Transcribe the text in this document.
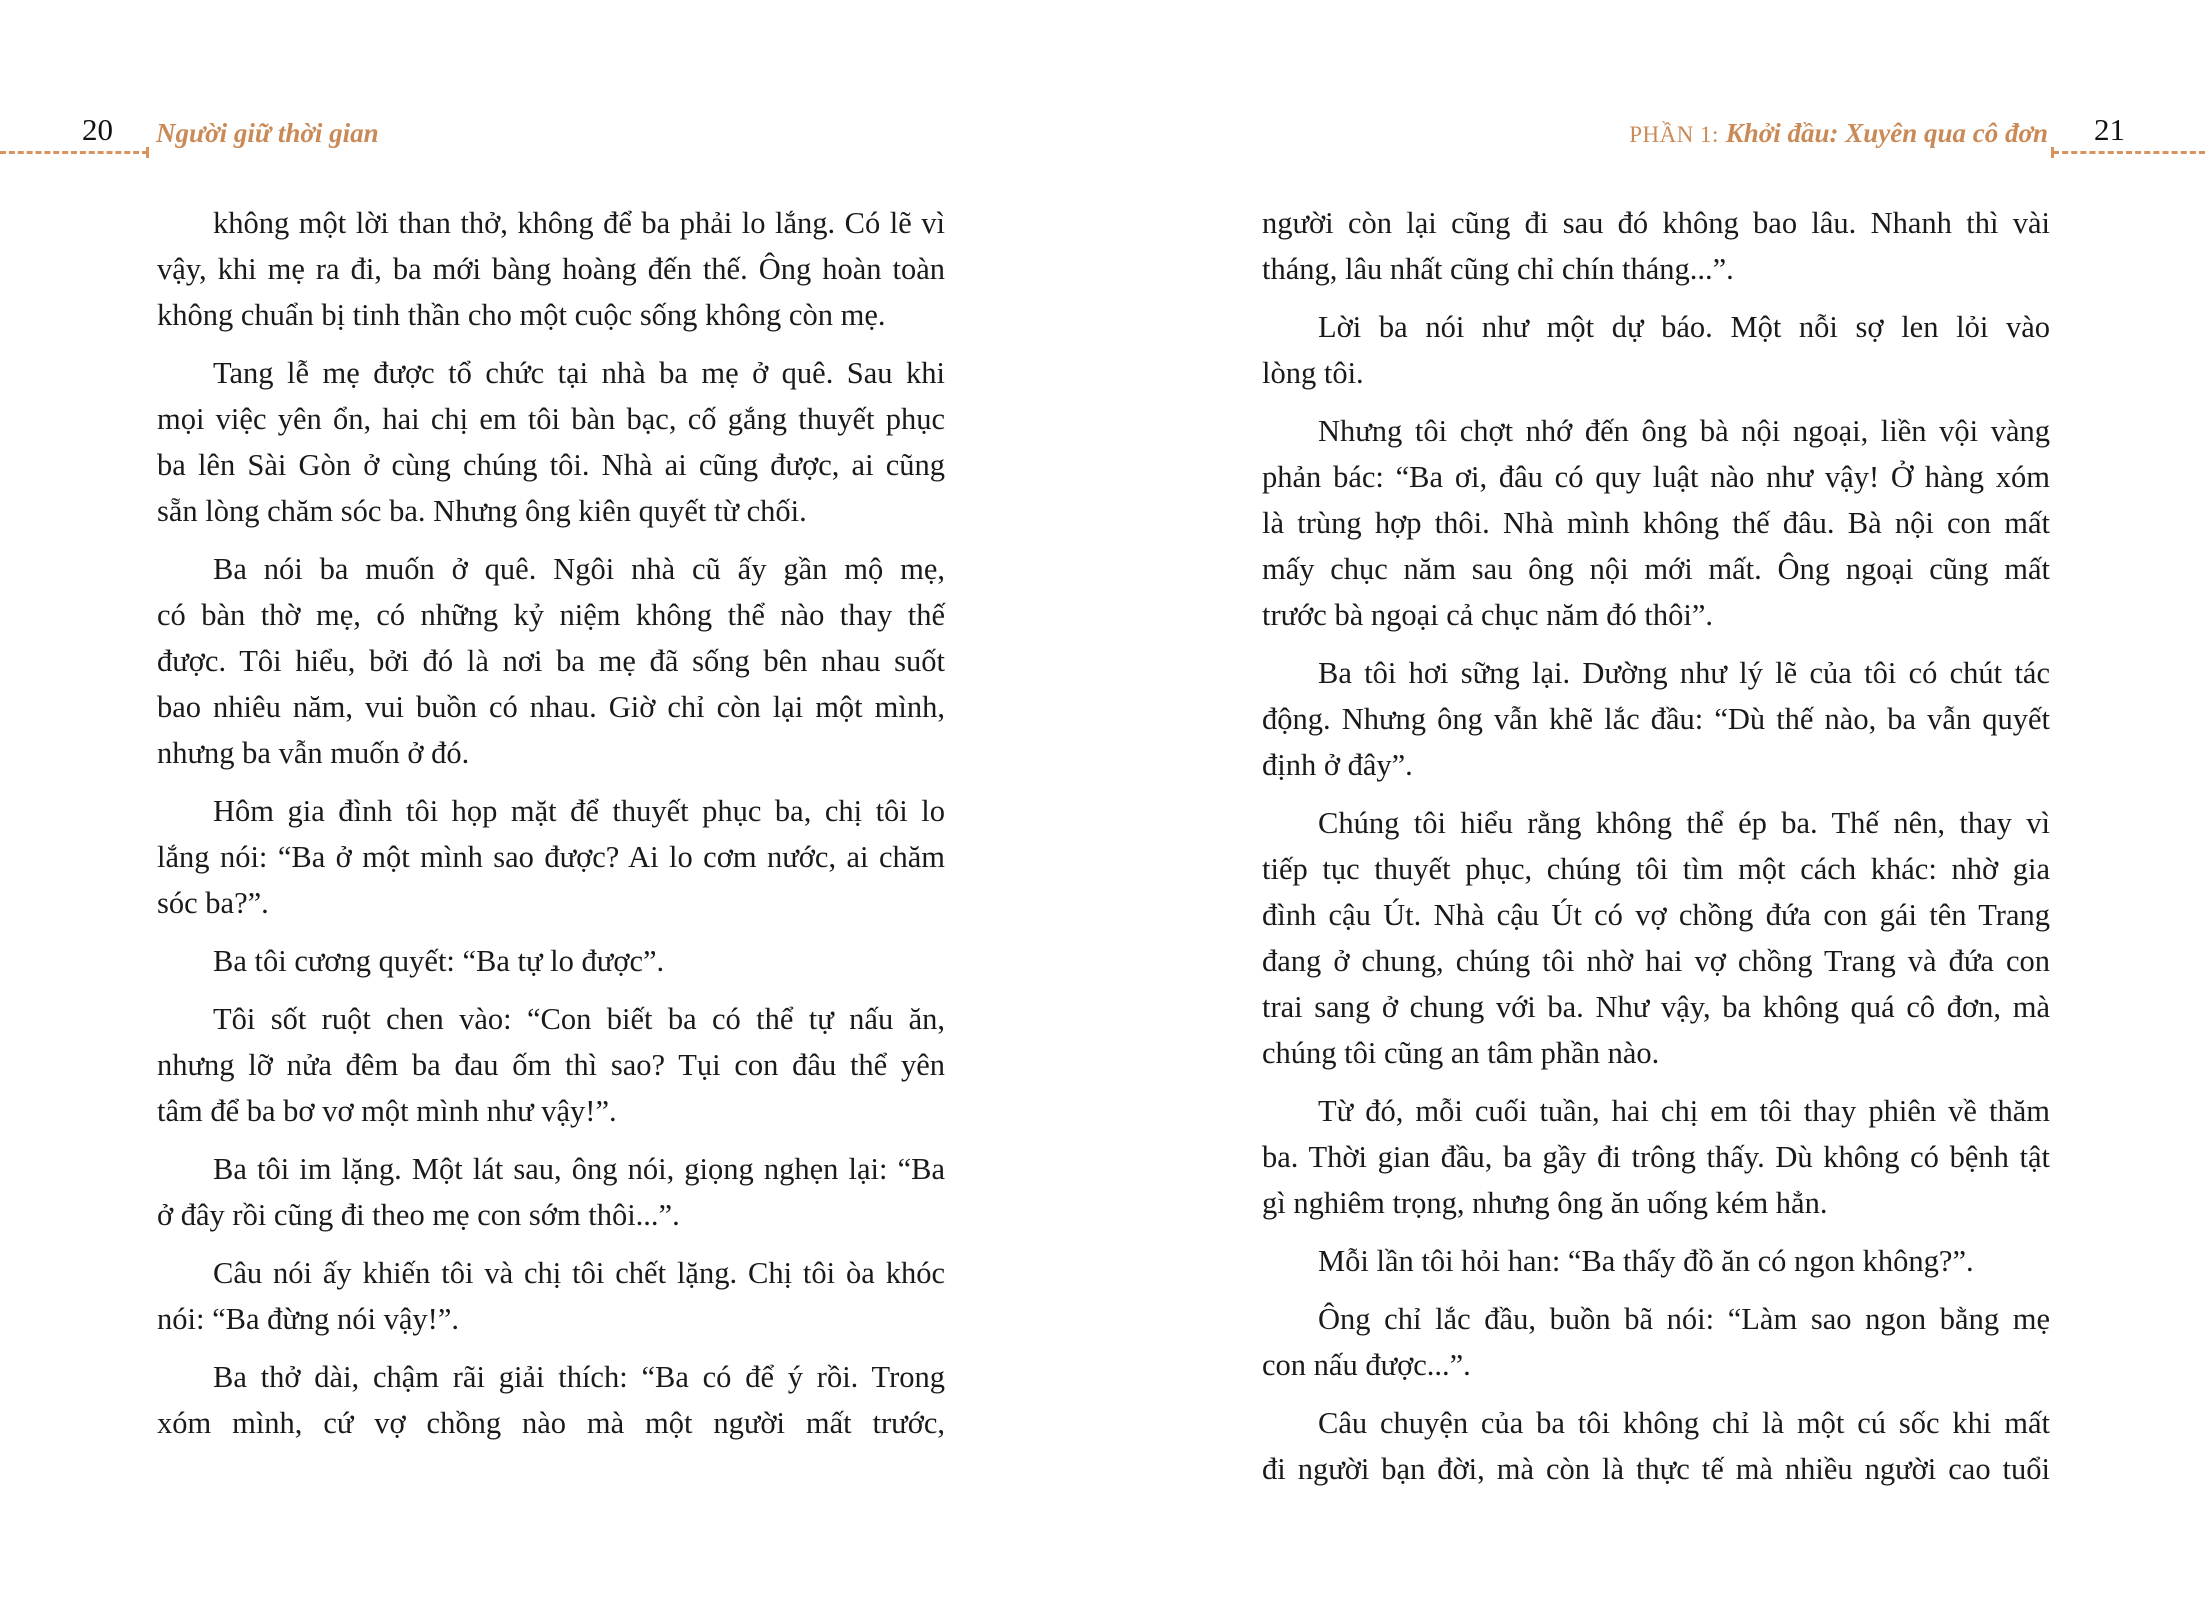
20 Người giữ thời gian
không một lời than thở, không để ba phải lo lắng. Có lẽ vì
vậy, khi mẹ ra đi, ba mới bàng hoàng đến thế. Ông hoàn toàn
không chuẩn bị tinh thần cho một cuộc sống không còn mẹ.
Tang lễ mẹ được tổ chức tại nhà ba mẹ ở quê. Sau khi
mọi việc yên ổn, hai chị em tôi bàn bạc, cố gắng thuyết phục
ba lên Sài Gòn ở cùng chúng tôi. Nhà ai cũng được, ai cũng
sẵn lòng chăm sóc ba. Nhưng ông kiên quyết từ chối.
Ba nói ba muốn ở quê. Ngôi nhà cũ ấy gần mộ mẹ,
có bàn thờ mẹ, có những kỷ niệm không thể nào thay thế
được. Tôi hiểu, bởi đó là nơi ba mẹ đã sống bên nhau suốt
bao nhiêu năm, vui buồn có nhau. Giờ chỉ còn lại một mình,
nhưng ba vẫn muốn ở đó.
Hôm gia đình tôi họp mặt để thuyết phục ba, chị tôi lo
lắng nói: “Ba ở một mình sao được? Ai lo cơm nước, ai chăm
sóc ba?”.
Ba tôi cương quyết: “Ba tự lo được”.
Tôi sốt ruột chen vào: “Con biết ba có thể tự nấu ăn,
nhưng lỡ nửa đêm ba đau ốm thì sao? Tụi con đâu thể yên
tâm để ba bơ vơ một mình như vậy!”.
Ba tôi im lặng. Một lát sau, ông nói, giọng nghẹn lại: “Ba
ở đây rồi cũng đi theo mẹ con sớm thôi...”.
Câu nói ấy khiến tôi và chị tôi chết lặng. Chị tôi òa khóc
nói: “Ba đừng nói vậy!”.
Ba thở dài, chậm rãi giải thích: “Ba có để ý rồi. Trong
xóm mình, cứ vợ chồng nào mà một người mất trước,
PHẦN 1: Khởi đầu: Xuyên qua cô đơn 21
người còn lại cũng đi sau đó không bao lâu. Nhanh thì vài
tháng, lâu nhất cũng chỉ chín tháng...”.
Lời ba nói như một dự báo. Một nỗi sợ len lỏi vào
lòng tôi.
Nhưng tôi chợt nhớ đến ông bà nội ngoại, liền vội vàng
phản bác: “Ba ơi, đâu có quy luật nào như vậy! Ở hàng xóm
là trùng hợp thôi. Nhà mình không thế đâu. Bà nội con mất
mấy chục năm sau ông nội mới mất. Ông ngoại cũng mất
trước bà ngoại cả chục năm đó thôi”.
Ba tôi hơi sững lại. Dường như lý lẽ của tôi có chút tác
động. Nhưng ông vẫn khẽ lắc đầu: “Dù thế nào, ba vẫn quyết
định ở đây”.
Chúng tôi hiểu rằng không thể ép ba. Thế nên, thay vì
tiếp tục thuyết phục, chúng tôi tìm một cách khác: nhờ gia
đình cậu Út. Nhà cậu Út có vợ chồng đứa con gái tên Trang
đang ở chung, chúng tôi nhờ hai vợ chồng Trang và đứa con
trai sang ở chung với ba. Như vậy, ba không quá cô đơn, mà
chúng tôi cũng an tâm phần nào.
Từ đó, mỗi cuối tuần, hai chị em tôi thay phiên về thăm
ba. Thời gian đầu, ba gầy đi trông thấy. Dù không có bệnh tật
gì nghiêm trọng, nhưng ông ăn uống kém hẳn.
Mỗi lần tôi hỏi han: “Ba thấy đồ ăn có ngon không?”.
Ông chỉ lắc đầu, buồn bã nói: “Làm sao ngon bằng mẹ
con nấu được...”.
Câu chuyện của ba tôi không chỉ là một cú sốc khi mất
đi người bạn đời, mà còn là thực tế mà nhiều người cao tuổi
